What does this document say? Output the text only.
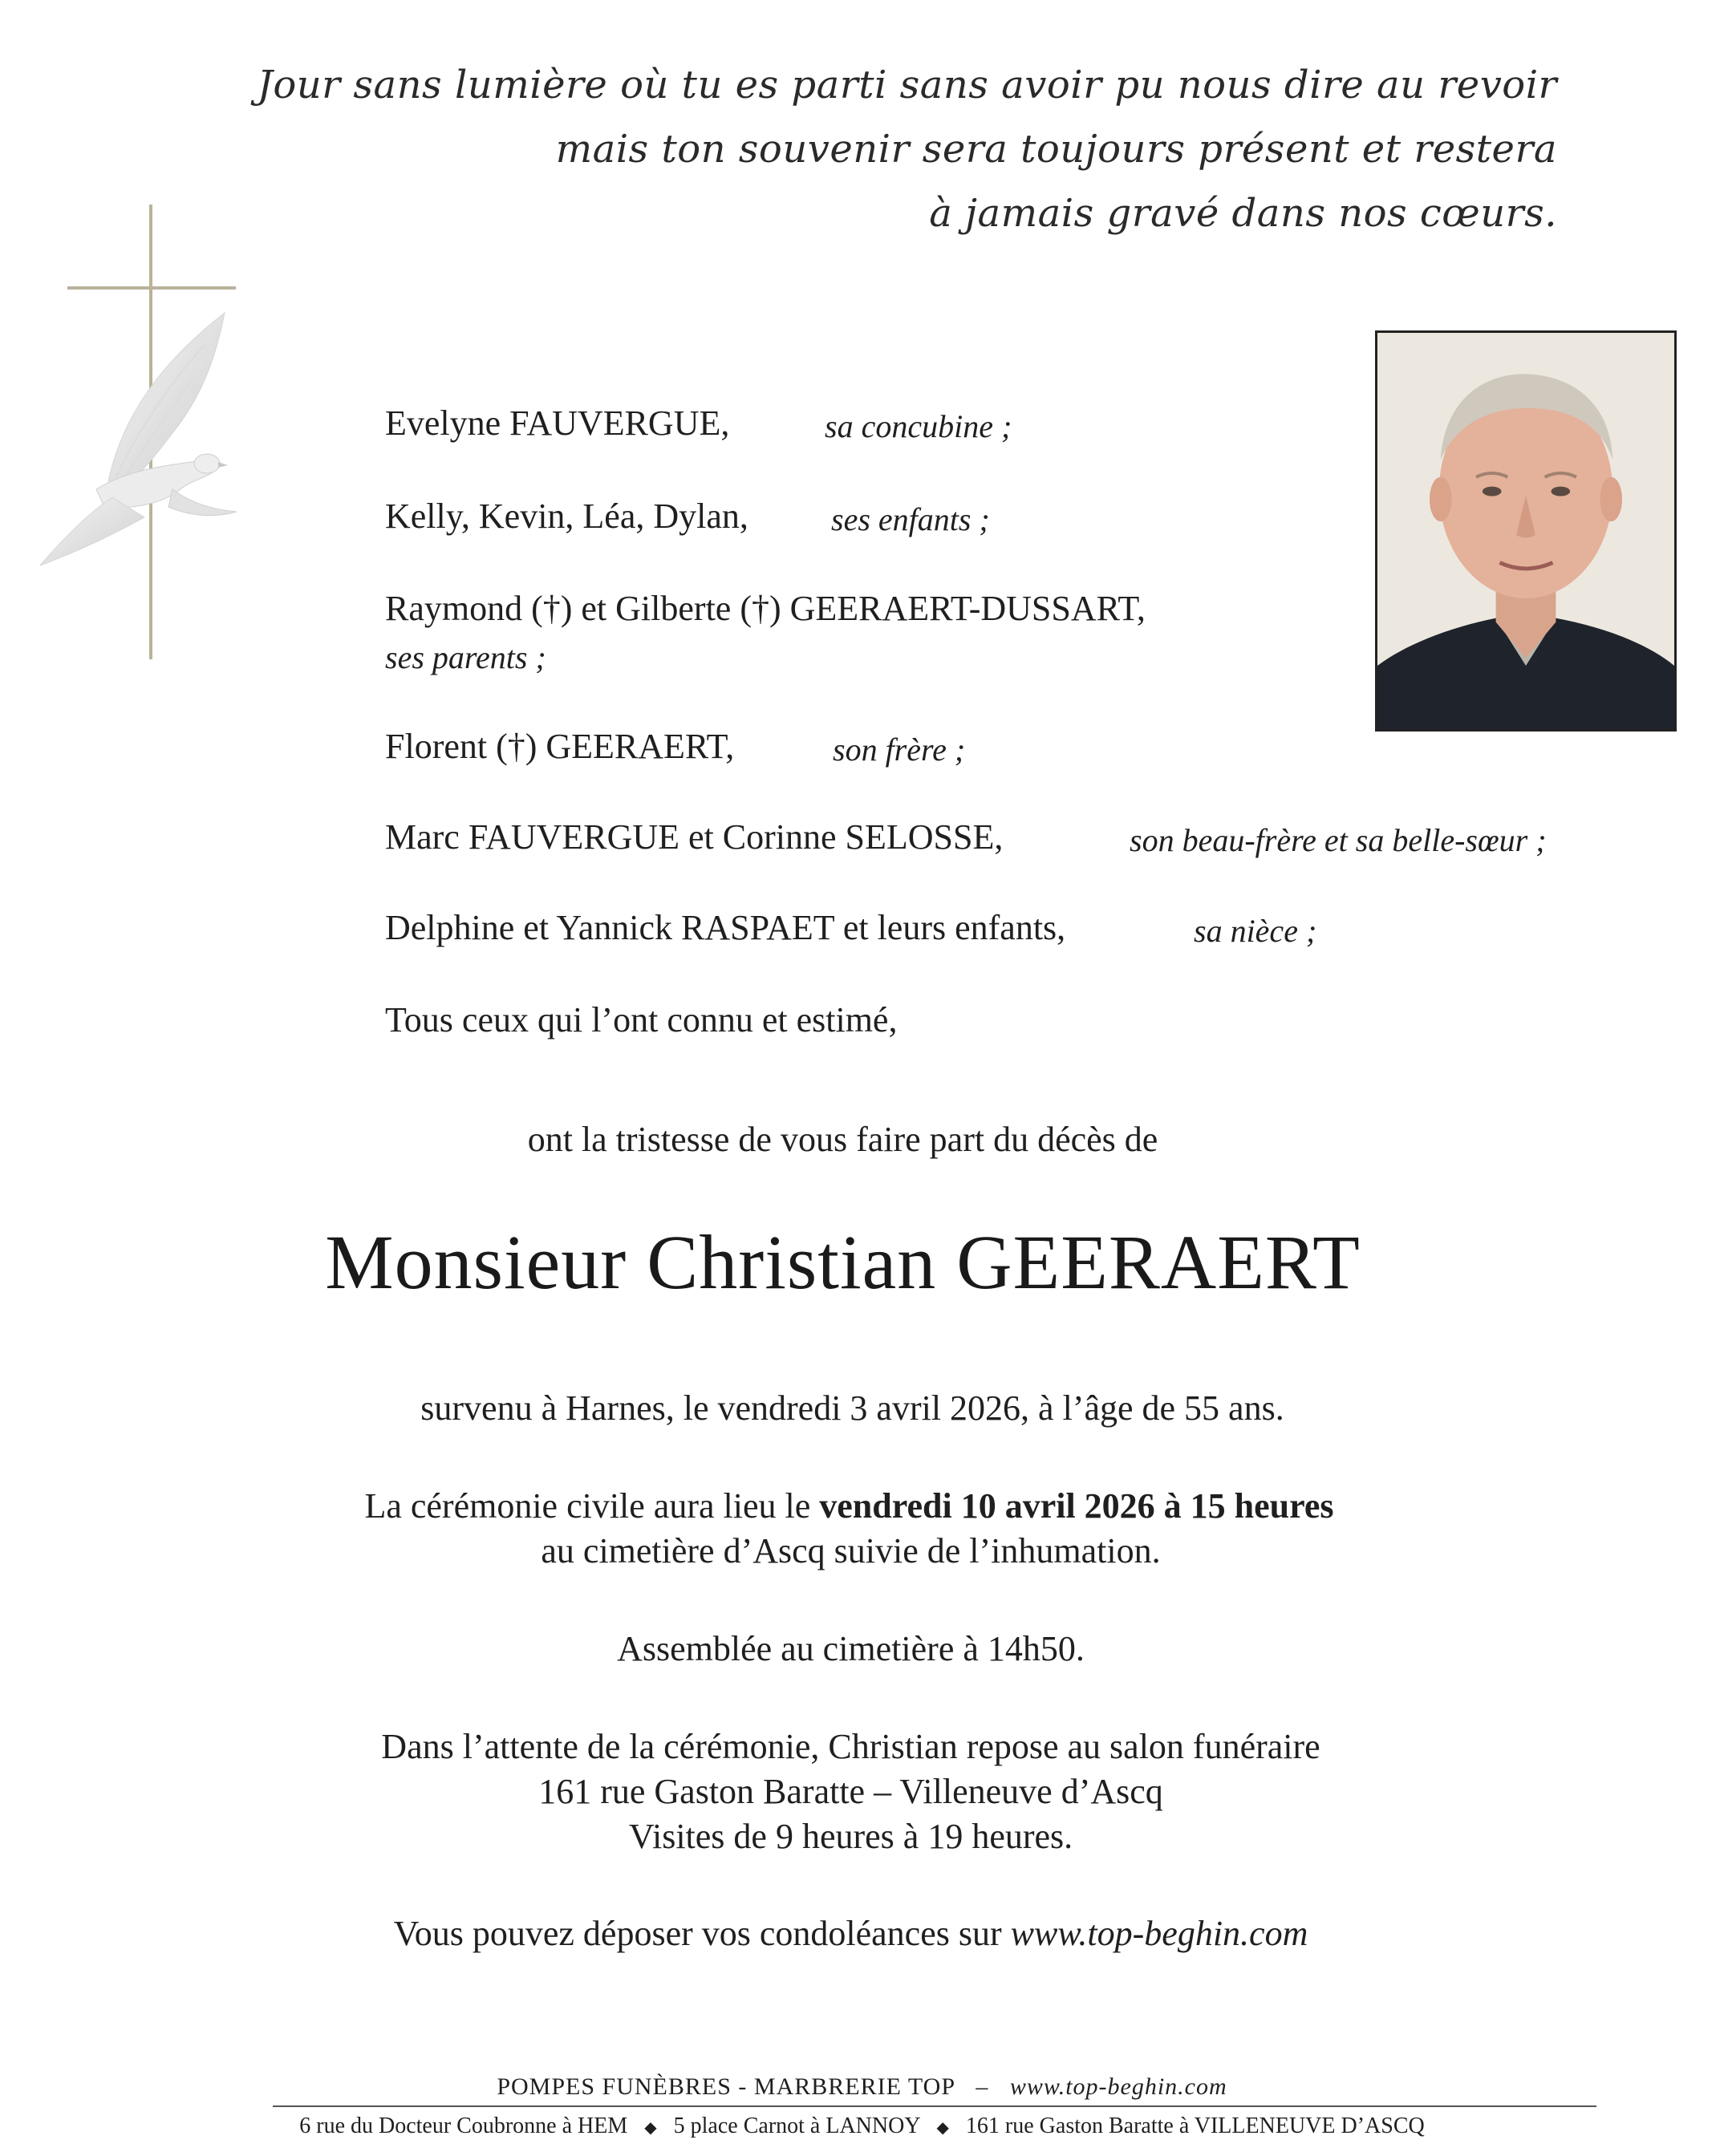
Jour sans lumière où tu es parti sans avoir pu nous dire au revoir
mais ton souvenir sera toujours présent et restera
à jamais gravé dans nos cœurs.
Evelyne FAUVERGUE,	sa concubine ;
Kelly, Kevin, Léa, Dylan,	ses enfants ;
Raymond (†) et Gilberte (†) GEERAERT-DUSSART,
ses parents ;
Florent (†) GEERAERT,	son frère ;
Marc FAUVERGUE et Corinne SELOSSE,	son beau-frère et sa belle-sœur ;
Delphine et Yannick RASPAET et leurs enfants,	sa nièce ;
Tous ceux qui l’ont connu et estimé,
ont la tristesse de vous faire part du décès de
Monsieur Christian GEERAERT
survenu à Harnes, le vendredi 3 avril 2026, à l’âge de 55 ans.
La cérémonie civile aura lieu le vendredi 10 avril 2026 à 15 heures
au cimetière d’Ascq suivie de l’inhumation.
Assemblée au cimetière à 14h50.
Dans l’attente de la cérémonie, Christian repose au salon funéraire
161 rue Gaston Baratte – Villeneuve d’Ascq
Visites de 9 heures à 19 heures.
Vous pouvez déposer vos condoléances sur www.top-beghin.com
POMPES FUNÈBRES - MARBRERIE TOP – www.top-beghin.com
6 rue du Docteur Coubronne à HEM ◆ 5 place Carnot à LANNOY ◆ 161 rue Gaston Baratte à VILLENEUVE D’ASCQ
